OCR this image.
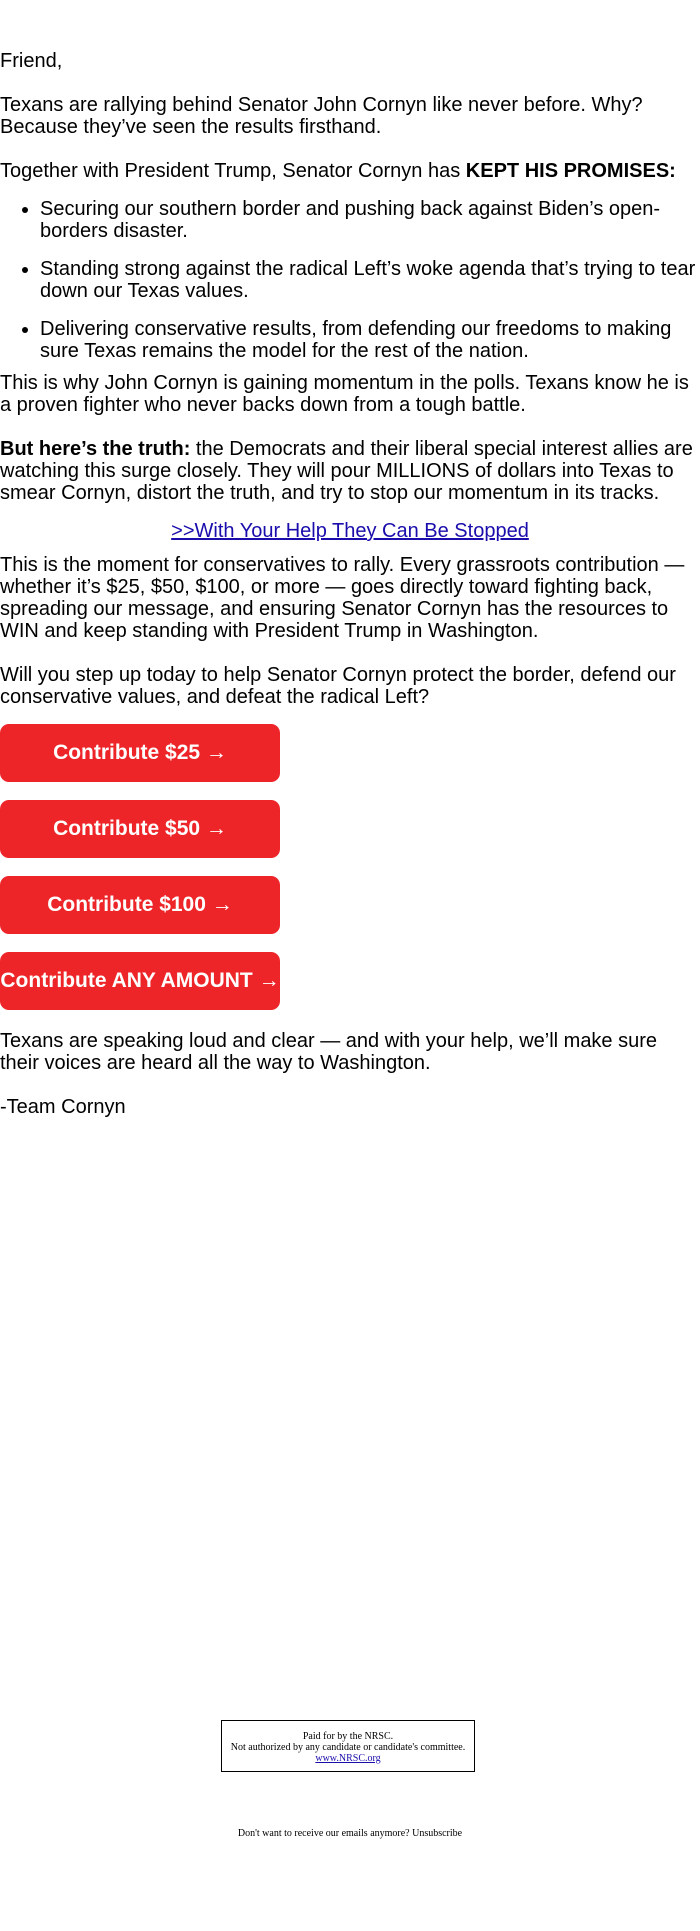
Friend,

Texans are rallying behind Senator John Cornyn like never before. Why? Because they’ve seen the results firsthand.

Together with President Trump, Senator Cornyn has KEPT HIS PROMISES:

• Securing our southern border and pushing back against Biden’s open-borders disaster.
• Standing strong against the radical Left’s woke agenda that’s trying to tear down our Texas values.
• Delivering conservative results, from defending our freedoms to making sure Texas remains the model for the rest of the nation.

This is why John Cornyn is gaining momentum in the polls. Texans know he is a proven fighter who never backs down from a tough battle.

But here’s the truth: the Democrats and their liberal special interest allies are watching this surge closely. They will pour MILLIONS of dollars into Texas to smear Cornyn, distort the truth, and try to stop our momentum in its tracks.

>>With Your Help They Can Be Stopped

This is the moment for conservatives to rally. Every grassroots contribution — whether it’s $25, $50, $100, or more — goes directly toward fighting back, spreading our message, and ensuring Senator Cornyn has the resources to WIN and keep standing with President Trump in Washington.

Will you step up today to help Senator Cornyn protect the border, defend our conservative values, and defeat the radical Left?

Contribute $25 →
Contribute $50 →
Contribute $100 →
Contribute ANY AMOUNT →

Texans are speaking loud and clear — and with your help, we’ll make sure their voices are heard all the way to Washington.

-Team Cornyn

Paid for by the NRSC.
Not authorized by any candidate or candidate's committee.
www.NRSC.org
Don't want to receive our emails anymore? Unsubscribe
